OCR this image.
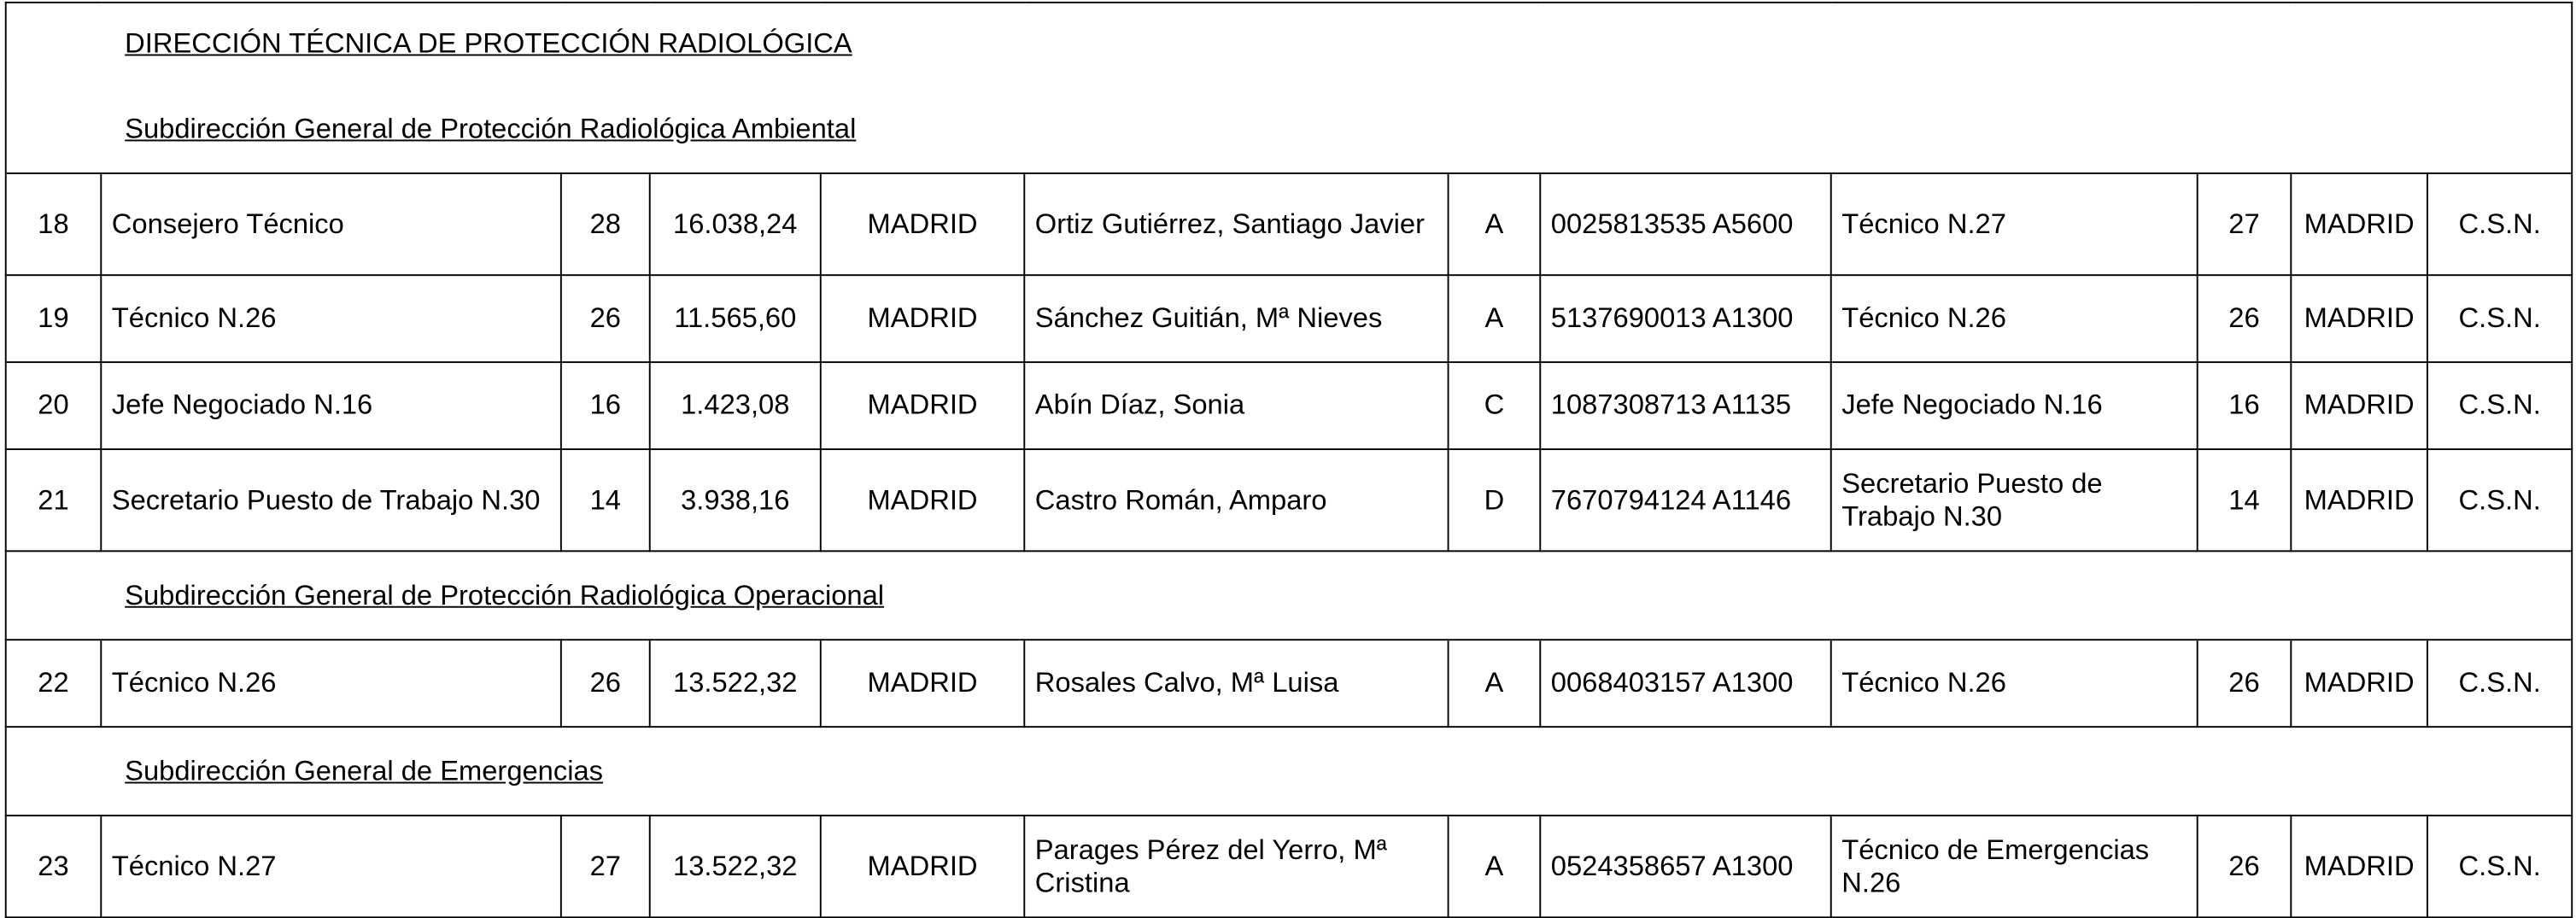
DIRECCIÓN TÉCNICA DE PROTECCIÓN RADIOLÓGICA											
Subdirección General de Protección Radiológica Ambiental											
18	Consejero Técnico	28	16.038,24	MADRID	Ortiz Gutiérrez, Santiago Javier	A	0025813535 A5600	Técnico N.27	27	MADRID	C.S.N.
19	Técnico N.26	26	11.565,60	MADRID	Sánchez Guitián, Mª Nieves	A	5137690013 A1300	Técnico N.26	26	MADRID	C.S.N.
20	Jefe Negociado N.16	16	1.423,08	MADRID	Abín Díaz, Sonia	C	1087308713 A1135	Jefe Negociado N.16	16	MADRID	C.S.N.
21	Secretario Puesto de Trabajo N.30	14	3.938,16	MADRID	Castro Román, Amparo	D	7670794124 A1146	Secretario Puesto de Trabajo N.30	14	MADRID	C.S.N.
Subdirección General de Protección Radiológica Operacional											
22	Técnico N.26	26	13.522,32	MADRID	Rosales Calvo, Mª Luisa	A	0068403157 A1300	Técnico N.26	26	MADRID	C.S.N.
Subdirección General de Emergencias											
23	Técnico N.27	27	13.522,32	MADRID	Parages Pérez del Yerro, Mª Cristina	A	0524358657 A1300	Técnico de Emergencias N.26	26	MADRID	C.S.N.
